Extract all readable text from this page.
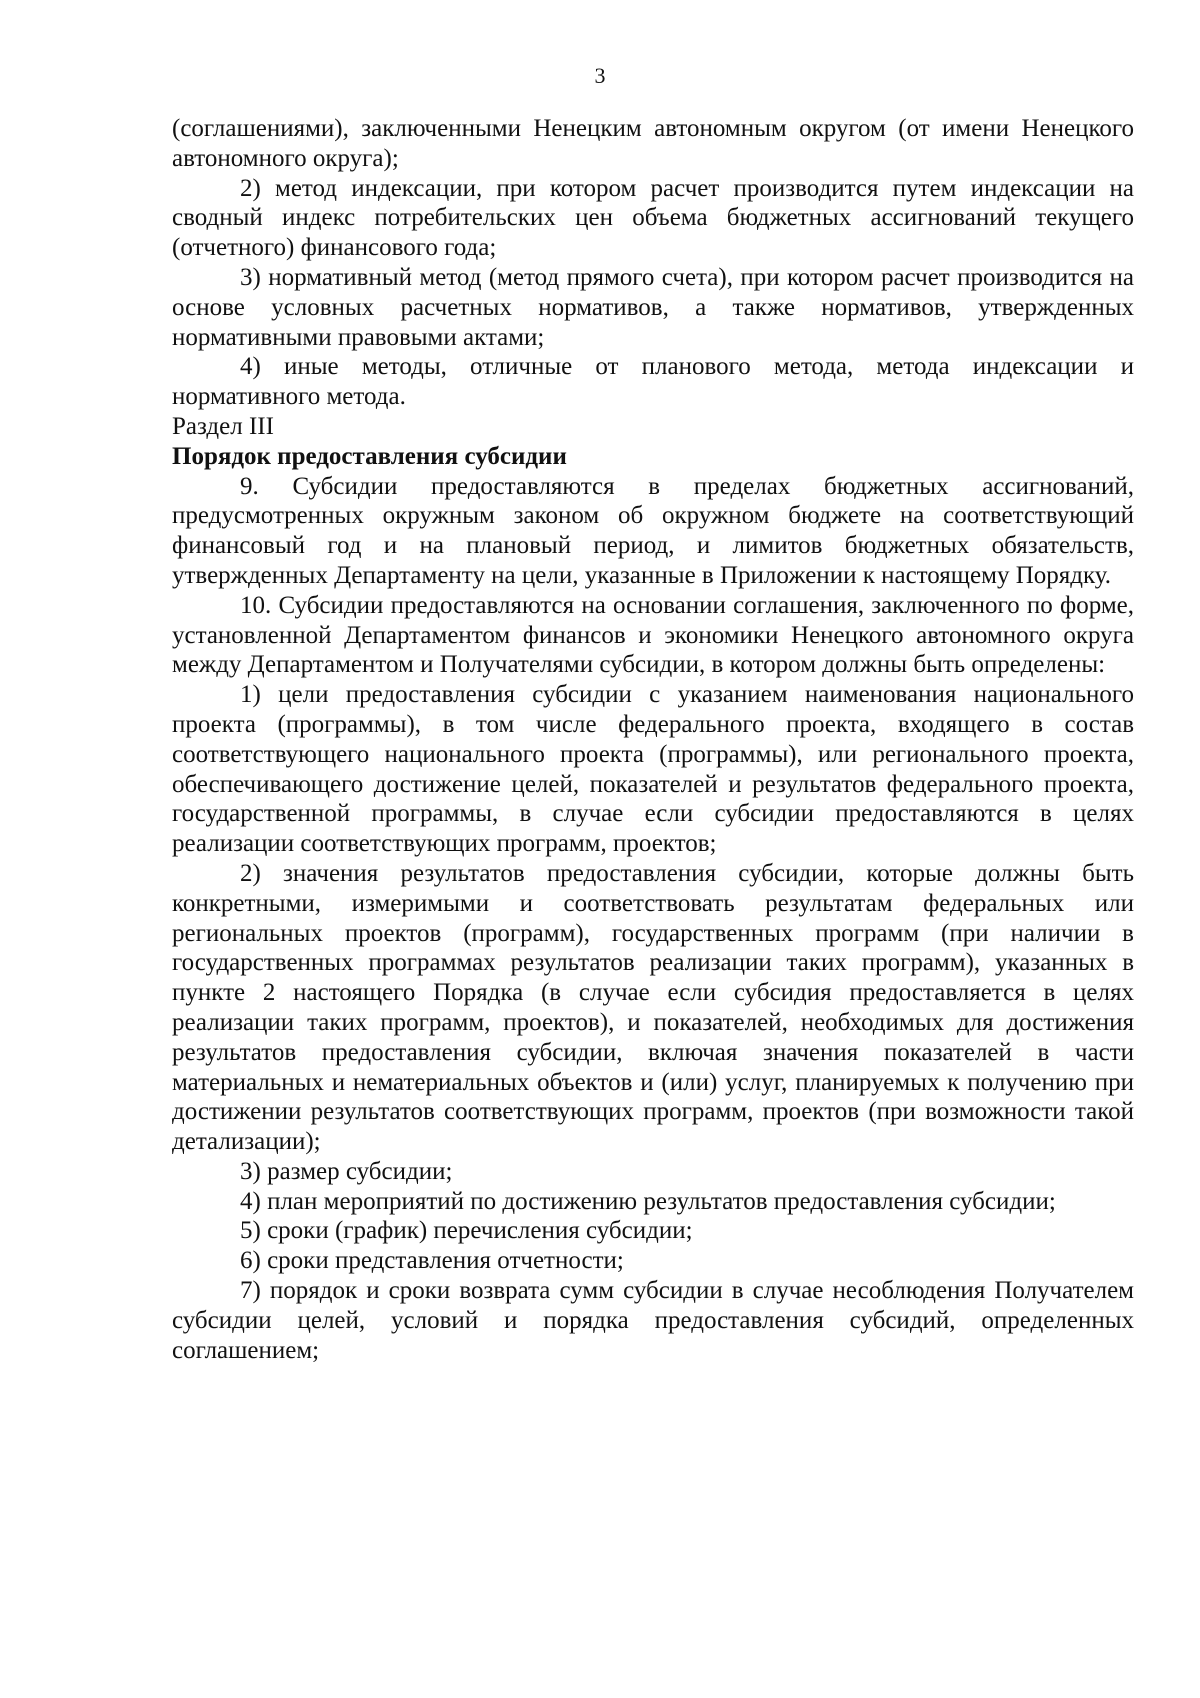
3

(соглашениями), заключенными Ненецким автономным округом (от имени Ненецкого автономного округа);

2) метод индексации, при котором расчет производится путем индексации на сводный индекс потребительских цен объема бюджетных ассигнований текущего (отчетного) финансового года;

3) нормативный метод (метод прямого счета), при котором расчет производится на основе условных расчетных нормативов, а также нормативов, утвержденных нормативными правовыми актами;

4) иные методы, отличные от планового метода, метода индексации и нормативного метода.

Раздел III

Порядок предоставления субсидии

9. Субсидии предоставляются в пределах бюджетных ассигнований, предусмотренных окружным законом об окружном бюджете на соответствующий финансовый год и на плановый период, и лимитов бюджетных обязательств, утвержденных Департаменту на цели, указанные в Приложении к настоящему Порядку.

10. Субсидии предоставляются на основании соглашения, заключенного по форме, установленной Департаментом финансов и экономики Ненецкого автономного округа между Департаментом и Получателями субсидии, в котором должны быть определены:

1) цели предоставления субсидии с указанием наименования национального проекта (программы), в том числе федерального проекта, входящего в состав соответствующего национального проекта (программы), или регионального проекта, обеспечивающего достижение целей, показателей и результатов федерального проекта, государственной программы, в случае если субсидии предоставляются в целях реализации соответствующих программ, проектов;

2) значения результатов предоставления субсидии, которые должны быть конкретными, измеримыми и соответствовать результатам федеральных или региональных проектов (программ), государственных программ (при наличии в государственных программах результатов реализации таких программ), указанных в пункте 2 настоящего Порядка (в случае если субсидия предоставляется в целях реализации таких программ, проектов), и показателей, необходимых для достижения результатов предоставления субсидии, включая значения показателей в части материальных и нематериальных объектов и (или) услуг, планируемых к получению при достижении результатов соответствующих программ, проектов (при возможности такой детализации);

3) размер субсидии;

4) план мероприятий по достижению результатов предоставления субсидии;

5) сроки (график) перечисления субсидии;

6) сроки представления отчетности;

7) порядок и сроки возврата сумм субсидии в случае несоблюдения Получателем субсидии целей, условий и порядка предоставления субсидий, определенных соглашением;
